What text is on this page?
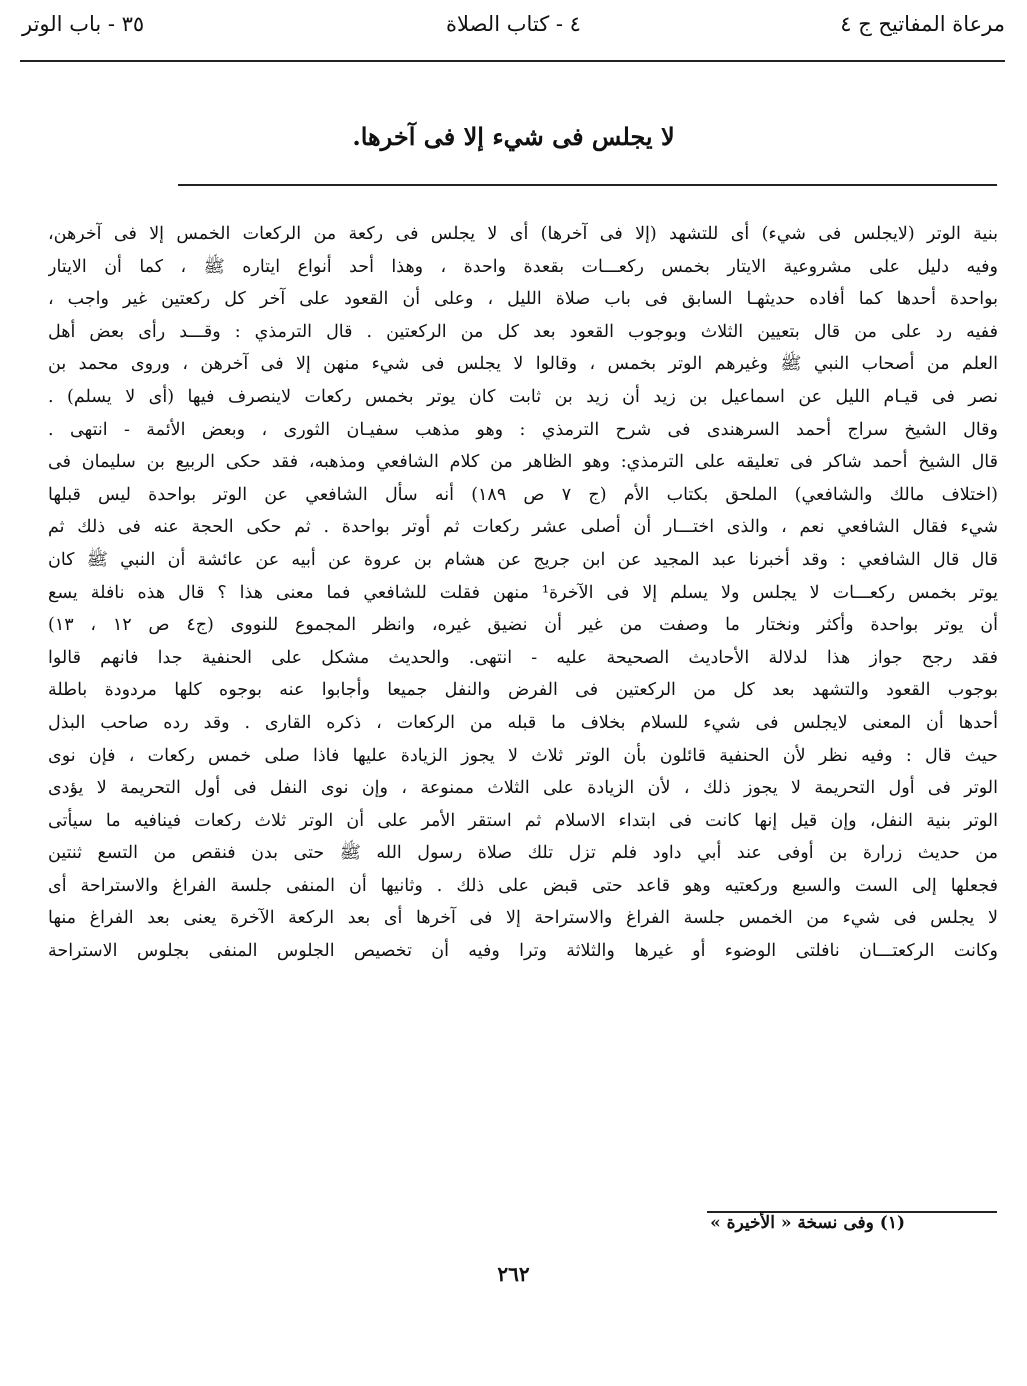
مرعاة المفاتيح ج ٤
٤ - كتاب الصلاة
٣٥ - باب الوتر
لا يجلس فى شيء إلا فى آخرها.
بنية الوتر (لايجلس فى شيء) أى للتشهد (إلا فى آخرها) أى لا يجلس فى ركعة من الركعات الخمس إلا فى آخرهن،
وفيه دليل على مشروعية الايتار بخمس ركعـــات بقعدة واحدة ، وهذا أحد أنواع ايتاره ﷺ ، كما أن الايتار
بواحدة أحدها كما أفاده حديثهـا السابق فى باب صلاة الليل ، وعلى أن القعود على آخر كل ركعتين غير واجب ،
ففيه رد على من قال بتعيين الثلاث وبوجوب القعود بعد كل من الركعتين . قال الترمذي : وقـــد رأى بعض أهل
العلم من أصحاب النبي ﷺ وغيرهم الوتر بخمس ، وقالوا لا يجلس فى شيء منهن إلا فى آخرهن ، وروى محمد بن
نصر فى قيـام الليل عن اسماعيل بن زيد أن زيد بن ثابت كان يوتر بخمس ركعات لاينصرف فيها (أى لا يسلم) .
وقال الشيخ سراج أحمد السرهندى فى شرح الترمذي : وهو مذهب سفيـان الثورى ، وبعض الأئمة - انتهى .
قال الشيخ أحمد شاكر فى تعليقه على الترمذي: وهو الظاهر من كلام الشافعي ومذهبه، فقد حكى الربيع بن سليمان فى
(اختلاف مالك والشافعي) الملحق بكتاب الأم (ج ٧ ص ١٨٩) أنه سأل الشافعي عن الوتر بواحدة ليس قبلها
شيء فقال الشافعي نعم ، والذى اختـــار أن أصلى عشر ركعات ثم أوتر بواحدة . ثم حكى الحجة عنه فى ذلك ثم
قال قال الشافعي : وقد أخبرنا عبد المجيد عن ابن جريج عن هشام بن عروة عن أبيه عن عائشة أن النبي ﷺ كان
يوتر بخمس ركعـــات لا يجلس ولا يسلم إلا فى الآخرة¹ منهن فقلت للشافعي فما معنى هذا ؟ قال هذه نافلة يسع
أن يوتر بواحدة وأكثر ونختار ما وصفت من غير أن نضيق غيره، وانظر المجموع للنووى (ج٤ ص ١٢ ، ١٣)
فقد رجح جواز هذا لدلالة الأحاديث الصحيحة عليه - انتهى. والحديث مشكل على الحنفية جدا فانهم قالوا
بوجوب القعود والتشهد بعد كل من الركعتين فى الفرض والنفل جميعا وأجابوا عنه بوجوه كلها مردودة باطلة
أحدها أن المعنى لايجلس فى شيء للسلام بخلاف ما قبله من الركعات ، ذكره القارى . وقد رده صاحب البذل
حيث قال : وفيه نظر لأن الحنفية قائلون بأن الوتر ثلاث لا يجوز الزيادة عليها فاذا صلى خمس ركعات ، فإن نوى
الوتر فى أول التحريمة لا يجوز ذلك ، لأن الزيادة على الثلاث ممنوعة ، وإن نوى النفل فى أول التحريمة لا يؤدى
الوتر بنية النفل، وإن قيل إنها كانت فى ابتداء الاسلام ثم استقر الأمر على أن الوتر ثلاث ركعات فينافيه ما سيأتى
من حديث زرارة بن أوفى عند أبي داود فلم تزل تلك صلاة رسول الله ﷺ حتى بدن فنقص من التسع ثنتين
فجعلها إلى الست والسبع وركعتيه وهو قاعد حتى قبض على ذلك . وثانيها أن المنفى جلسة الفراغ والاستراحة أى
لا يجلس فى شيء من الخمس جلسة الفراغ والاستراحة إلا فى آخرها أى بعد الركعة الآخرة يعنى بعد الفراغ منها
وكانت الركعتـــان نافلتى الوضوء أو غيرها والثلاثة وترا وفيه أن تخصيص الجلوس المنفى بجلوس الاستراحة
(١) وفى نسخة « الأخيرة »
٢٦٢
